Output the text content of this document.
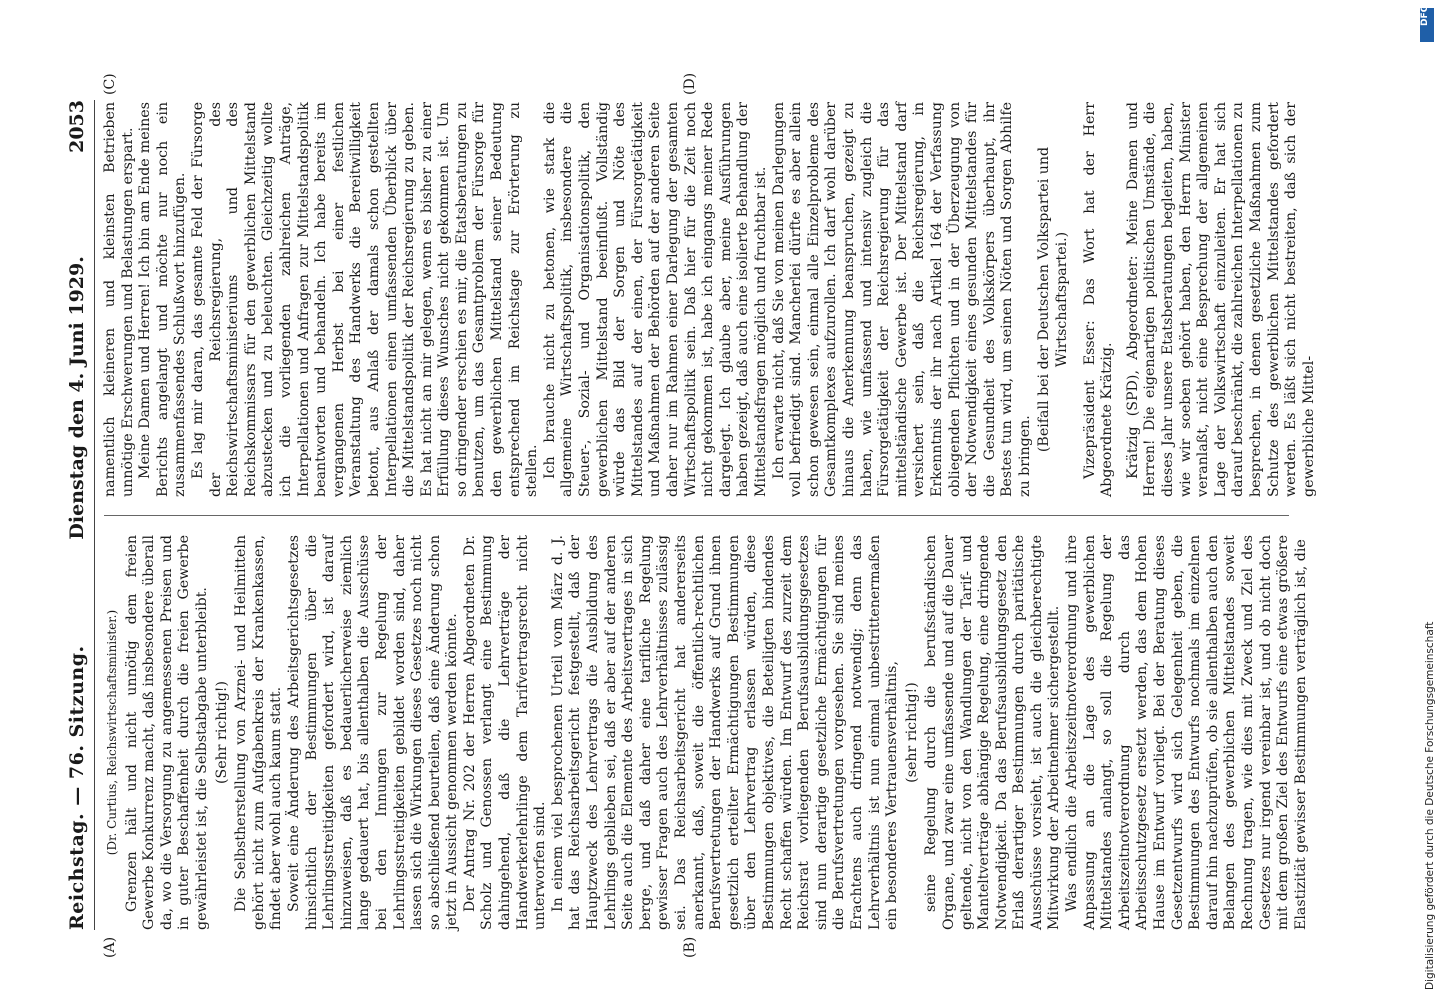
DFG
Digitalisierung gefördert durch die Deutsche Forschungsgemeinschaft
Reichstag. — 76. Sitzung.
Dienstag den 4. Juni 1929.  2053

(Dr. Curtius, Reichswirtschaftsminister.) Grenzen hält und nicht unnötig dem freien Gewerbe Konkurrenz macht, daß insbesondere überall da, wo die Versorgung zu angemessenen Preisen und in guter Beschaffenheit durch die freien Gewerbe gewährleistet ist, die Selbstabgabe unterbleibt. (Sehr richtig!) Die Selbstherstellung von Arznei- und Heilmitteln gehört nicht zum Aufgabenkreis der Krankenkassen, findet aber wohl auch kaum statt. Soweit eine Änderung des Arbeitsgerichtsgesetzes hinsichtlich der Bestimmungen über die Lehrlingsstreitigkeiten gefordert wird, ist darauf hinzuweisen, daß es bedauerlicherweise ziemlich lange gedauert hat, bis allenthalben die Ausschüsse bei den Innungen zur Regelung der Lehrlingsstreitigkeiten gebildet worden sind, daher lassen sich die Wirkungen dieses Gesetzes noch nicht so abschließend beurteilen, daß eine Änderung schon jetzt in Aussicht genommen werden könnte. Der Antrag Nr. 202 der Herren Abgeordneten Dr. Scholz und Genossen verlangt eine Bestimmung dahingehend, daß die Lehrverträge der Handwerkerlehrlinge dem Tarifvertragsrecht nicht unterworfen sind. In einem viel besprochenen Urteil vom März d. J. hat das Reichsarbeitsgericht festgestellt, daß der Hauptzweck des Lehrvertrags die Ausbildung des Lehrlings geblieben sei, daß er aber auf der anderen Seite auch die Elemente des Arbeitsvertrages in sich berge, und daß daher eine tarifliche Regelung gewisser Fragen auch des Lehrverhältnisses zulässig sei. Das Reichsarbeitsgericht hat andererseits anerkannt, daß, soweit die öffentlich-rechtlichen Berufsvertretungen der Handwerks auf Grund ihnen gesetzlich erteilter Ermächtigungen Bestimmungen über den Lehrvertrag erlassen würden, diese Bestimmungen objektives, die Beteiligten bindendes Recht schaffen würden. Im Entwurf des zurzeit dem Reichsrat vorliegenden Berufsausbildungsgesetzes sind nun derartige gesetzliche Ermächtigungen für die Berufsvertretungen vorgesehen. Sie sind meines Erachtens auch dringend notwendig; denn das Lehrverhältnis ist nun einmal unbestrittenermaßen ein besonderes Vertrauensverhältnis, (sehr richtig!) seine Regelung durch die berufsständischen Organe, und zwar eine umfassende und auf die Dauer geltende, nicht von den Wandlungen der Tarif- und Manteltverträge abhängige Regelung, eine dringende Notwendigkeit. Da das Berufsausbildungsgesetz den Erlaß derartiger Bestimmungen durch paritätische Ausschüsse vorsieht, ist auch die gleichberechtigte Mitwirkung der Arbeitnehmer sichergestellt. Was endlich die Arbeitszeitnotverordnung und ihre Anpassung an die Lage des gewerblichen Mittelstandes anlangt, so soll die Regelung der Arbeitszeitnotverordnung durch das Arbeitsschutzgesetz ersetzt werden, das dem Hohen Hause im Entwurf vorliegt. Bei der Beratung dieses Gesetzentwurfs wird sich Gelegenheit geben, die Bestimmungen des Entwurfs nochmals im einzelnen darauf hin nachzuprüfen, ob sie allenthalben auch den Belangen des gewerblichen Mittelstandes soweit Rechnung tragen, wie dies mit Zweck und Ziel des Gesetzes nur irgend vereinbar ist, und ob nicht doch mit dem großen Ziel des Entwurfs eine etwas größere Elastizität gewisser Bestimmungen verträglich ist, die

namentlich kleineren und kleinsten Betrieben unnötige Erschwerungen und Belastungen erspart. Meine Damen und Herren! Ich bin am Ende meines Berichts angelangt und möchte nur noch ein zusammenfassendes Schlußwort hinzufügen. Es lag mir daran, das gesamte Feld der Fürsorge der Reichsregierung, des Reichswirtschaftsministeriums und des Reichskommissars für den gewerblichen Mittelstand abzustecken und zu beleuchten. Gleichzeitig wollte ich die vorliegenden zahlreichen Anträge, Interpellationen und Anfragen zur Mittelstandspolitik beantworten und behandeln. Ich habe bereits im vergangenen Herbst bei einer festlichen Veranstaltung des Handwerks die Bereitwilligkeit betont, aus Anlaß der damals schon gestellten Interpellationen einen umfassenden Überblick über die Mittelstandspolitik der Reichsregierung zu geben. Es hat nicht an mir gelegen, wenn es bisher zu einer Erfüllung dieses Wunsches nicht gekommen ist. Um so dringender erschien es mir, die Etatsberatungen zu benutzen, um das Gesamtproblem der Fürsorge für den gewerblichen Mittelstand seiner Bedeutung entsprechend im Reichstage zur Erörterung zu stellen. Ich brauche nicht zu betonen, wie stark die allgemeine Wirtschaftspolitik, insbesondere die Steuer-, Sozial- und Organisationspolitik, den gewerblichen Mittelstand beeinflußt. Vollständig würde das Bild der Sorgen und Nöte des Mittelstandes auf der einen, der Fürsorgetätigkeit und Maßnahmen der Behörden auf der anderen Seite daher nur im Rahmen einer Darlegung der gesamten Wirtschaftspolitik sein. Daß hier für die Zeit noch nicht gekommen ist, habe ich eingangs meiner Rede dargelegt. Ich glaube aber, meine Ausführungen haben gezeigt, daß auch eine isolierte Behandlung der Mittelstandsfragen möglich und fruchtbar ist. Ich erwarte nicht, daß Sie von meinen Darlegungen voll befriedigt sind. Mancherlei dürfte es aber allein schon gewesen sein, einmal alle Einzelprobleme des Gesamtkomplexes aufzurollen. Ich darf wohl darüber hinaus die Anerkennung beanspruchen, gezeigt zu haben, wie umfassend und intensiv zugleich die Fürsorgetätigkeit der Reichsregierung für das mittelständische Gewerbe ist. Der Mittelstand darf versichert sein, daß die Reichsregierung, in Erkenntnis der ihr nach Artikel 164 der Verfassung obliegenden Pflichten und in der Überzeugung von der Notwendigkeit eines gesunden Mittelstandes für die Gesundheit des Volkskörpers überhaupt, ihr Bestes tun wird, um seinen Nöten und Sorgen Abhilfe zu bringen.

(Beifall bei der Deutschen Volkspartei und Wirtschaftspartei.) Vizepräsident Esser: Das Wort hat der Herr Abgeordnete Krätzig. Krätzig (SPD), Abgeordneter: Meine Damen und Herren! Die eigenartigen politischen Umstände, die dieses Jahr unsere Etatsberatungen begleiten, haben, wie wir soeben gehört haben, den Herrn Minister veranlaßt, nicht eine Besprechung der allgemeinen Lage der Volkswirtschaft einzuleiten. Er hat sich darauf beschränkt, die zahlreichen Interpellationen zu besprechen, in denen gesetzliche Maßnahmen zum Schutze des gewerblichen Mittelstandes gefordert werden. Es läßt sich nicht bestreiten, daß sich der gewerbliche Mittel-

(A)	(B)
(C)	(D)
